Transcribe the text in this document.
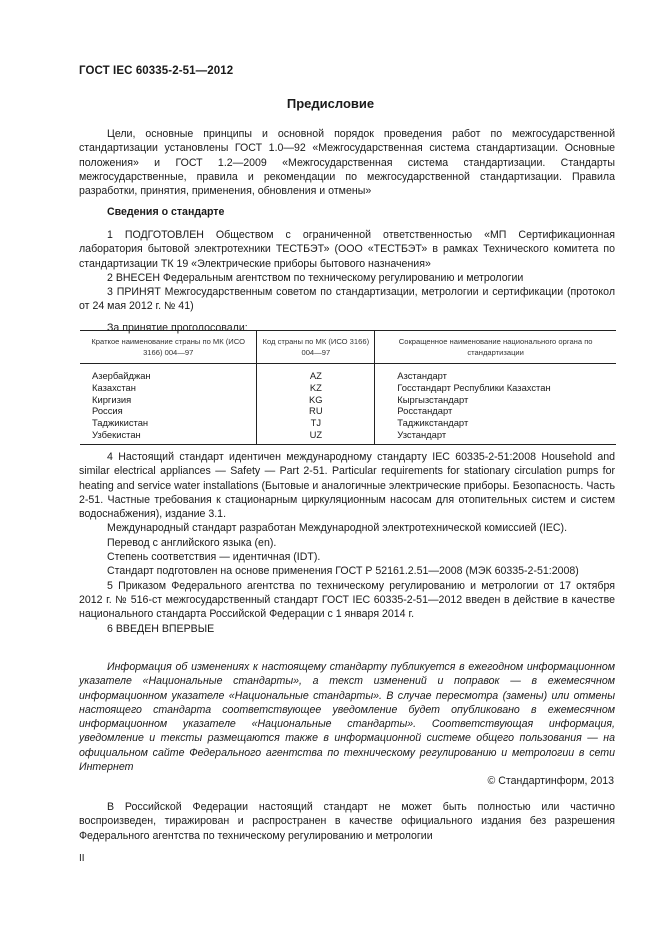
ГОСТ IEC 60335-2-51—2012
Предисловие
Цели, основные принципы и основной порядок проведения работ по межгосударственной стандартизации установлены ГОСТ 1.0—92 «Межгосударственная система стандартизации. Основные положения» и ГОСТ 1.2—2009 «Межгосударственная система стандартизации. Стандарты межгосударственные, правила и рекомендации по межгосударственной стандартизации. Правила разработки, принятия, применения, обновления и отмены»
Сведения о стандарте

1 ПОДГОТОВЛЕН Обществом с ограниченной ответственностью «МП Сертификационная лаборатория бытовой электротехники ТЕСТБЭТ» (ООО «ТЕСТБЭТ» в рамках Технического комитета по стандартизации ТК 19 «Электрические приборы бытового назначения»

2 ВНЕСЕН Федеральным агентством по техническому регулированию и метрологии

3 ПРИНЯТ Межгосударственным советом по стандартизации, метрологии и сертификации (протокол от 24 мая 2012 г. № 41)

За принятие проголосовали:

Краткое наименование страны по МК (ИСО 3166) 004—97	Код страны по МК (ИСО 3166) 004—97	Сокращенное наименование национального органа по стандартизации
Азербайджан	AZ	Азстандарт
Казахстан	KZ	Госстандарт Республики Казахстан
Киргизия	KG	Кыргызстандарт
Россия	RU	Росстандарт
Таджикистан	TJ	Таджикстандарт
Узбекистан	UZ	Узстандарт

4 Настоящий стандарт идентичен международному стандарту IEC 60335-2-51:2008 Household and similar electrical appliances — Safety — Part 2-51. Particular requirements for stationary circulation pumps for heating and service water installations (Бытовые и аналогичные электрические приборы. Безопасность. Часть 2-51. Частные требования к стационарным циркуляционным насосам для отопительных систем и систем водоснабжения), издание 3.1.

Международный стандарт разработан Международной электротехнической комиссией (IEC).

Перевод с английского языка (en).

Степень соответствия — идентичная (IDT).

Стандарт подготовлен на основе применения ГОСТ Р 52161.2.51—2008 (МЭК 60335-2-51:2008)

5 Приказом Федерального агентства по техническому регулированию и метрологии от 17 октября 2012 г. № 516-ст межгосударственный стандарт ГОСТ IEC 60335-2-51—2012 введен в действие в качестве национального стандарта Российской Федерации с 1 января 2014 г.

6 ВВЕДЕН ВПЕРВЫЕ

Информация об изменениях к настоящему стандарту публикуется в ежегодном информационном указателе «Национальные стандарты», а текст изменений и поправок — в ежемесячном информационном указателе «Национальные стандарты». В случае пересмотра (замены) или отмены настоящего стандарта соответствующее уведомление будет опубликовано в ежемесячном информационном указателе «Национальные стандарты». Соответствующая информация, уведомление и тексты размещаются также в информационной системе общего пользования — на официальном сайте Федерального агентства по техническому регулированию и метрологии в сети Интернет
© Стандартинформ, 2013
В Российской Федерации настоящий стандарт не может быть полностью или частично воспроизведен, тиражирован и распространен в качестве официального издания без разрешения Федерального агентства по техническому регулированию и метрологии
II
